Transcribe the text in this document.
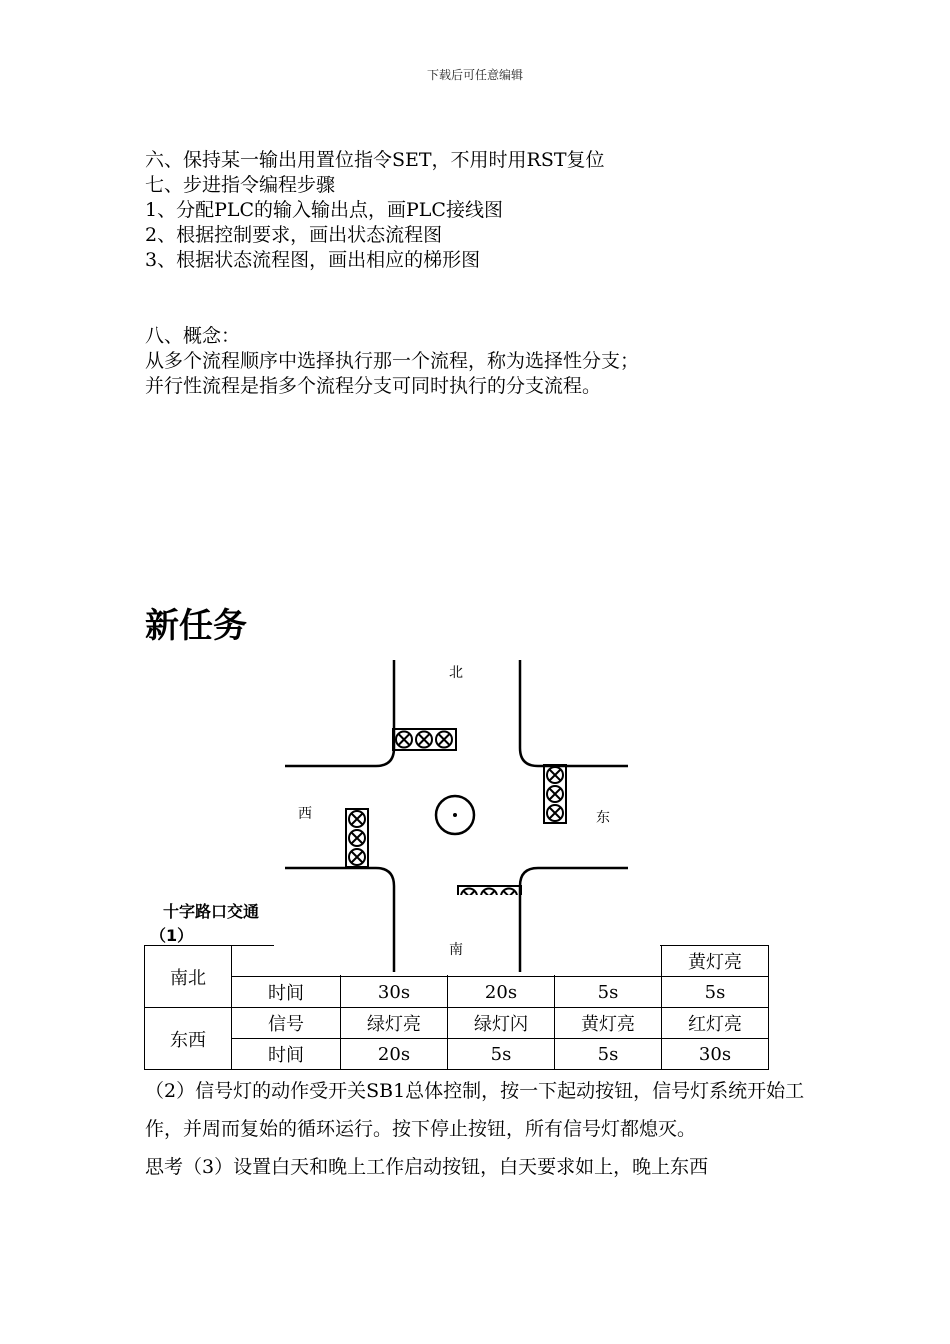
下载后可任意编辑
六、保持某一输出用置位指令SET，不用时用RST复位
七、步进指令编程步骤
1、分配PLC的输入输出点，画PLC接线图
2、根据控制要求，画出状态流程图
3、根据状态流程图，画出相应的梯形图
八、概念：
从多个流程顺序中选择执行那一个流程，称为选择性分支；
并行性流程是指多个流程分支可同时执行的分支流程。
新任务
北
西	东
十字路口交通
（1）
南北					黄灯亮
	时间	30s	20s	5s	5s
东西	信号	绿灯亮	绿灯闪	黄灯亮	红灯亮
	时间	20s	5s	5s	30s
南

（2）信号灯的动作受开关SB1总体控制，按一下起动按钮，信号灯系统开始工作，并周而复始的循环运行。按下停止按钮，所有信号灯都熄灭。

思考（3）设置白天和晚上工作启动按钮，白天要求如上，晚上东西
